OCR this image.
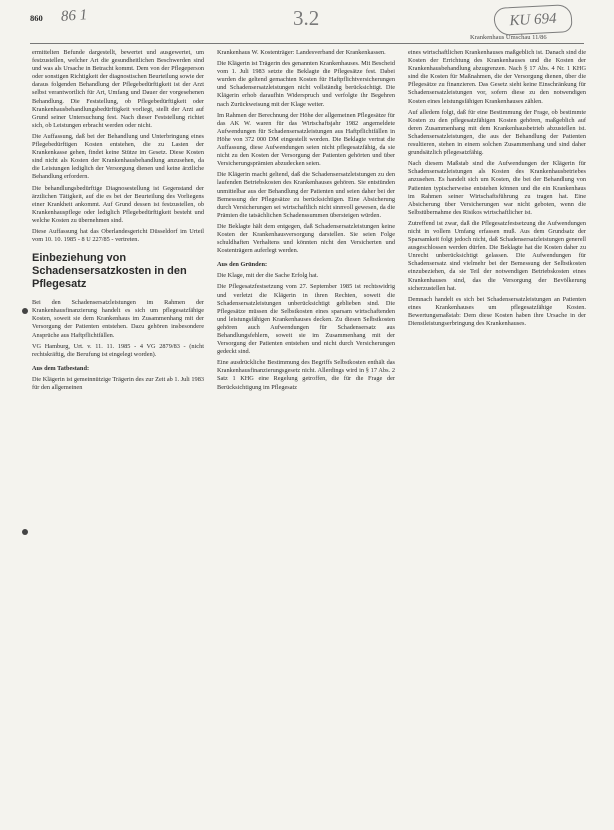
860 86 1	3.2	KU 694
Krankenhaus Umschau 11/86

ermittelten Befunde dargestellt, bewertet und ausgewertet, um festzustellen, welcher Art die gesundheitlichen Beschwerden sind und was als Ursache in Betracht kommt. Dem von der Pflegeperson oder sonstigen Richtigkeit der diagnostischen Beurteilung sowie der daraus folgenden Behandlung der Pflegebedürftigkeit ist der Arzt selbst verantwortlich für Art, Umfang und Dauer der vorgesehenen Behandlung. Die Feststellung, ob Pflegebedürftigkeit oder Krankenhausbehandlungsbedürftigkeit vorliegt, stellt der Arzt auf Grund seiner Untersuchung fest. Nach dieser Feststellung richtet sich, ob Leistungen erbracht werden oder nicht.

Die Auffassung, daß bei der Behandlung und Unterbringung eines Pflegebedürftigen Kosten entstehen, die zu Lasten der Krankenkasse gehen, findet keine Stütze im Gesetz. Diese Kosten sind nicht als Kosten der Krankenhausbehandlung anzusehen, da die Leistungen lediglich der Versorgung dienen und keine ärztliche Behandlung erfordern.

Die behandlungsbedürftige Diagnosestellung ist Gegenstand der ärztlichen Tätigkeit, auf die es bei der Beurteilung des Vorliegens einer Krankheit ankommt. Auf Grund dessen ist festzustellen, ob Krankenhauspflege oder lediglich Pflegebedürftigkeit besteht und welche Kosten zu übernehmen sind.

Diese Auffassung hat das Oberlandesgericht Düsseldorf im Urteil vom 10. 10. 1985 - 8 U 227/85 - vertreten.

Einbeziehung von Schadensersatzkosten in den Pflegesatz

Bei den Schadensersatzleistungen im Rahmen der Krankenhausfinanzierung handelt es sich um pflegesatzfähige Kosten, soweit sie dem Krankenhaus im Zusammenhang mit der Versorgung der Patienten entstehen. Dazu gehören insbesondere Ansprüche aus Haftpflichtfällen.

VG Hamburg, Urt. v. 11. 11. 1985 - 4 VG 2879/83 - (nicht rechtskräftig, die Berufung ist eingelegt worden).

Aus dem Tatbestand:

Die Klägerin ist gemeinnützige Trägerin des zur Zeit ab 1. Juli 1983 für den allgemeinen

Krankenhaus W. Kostenträger: Landesverband der Krankenkassen.

Die Klägerin ist Trägerin des genannten Krankenhauses. Mit Bescheid vom 1. Juli 1983 setzte die Beklagte die Pflegesätze fest. Dabei wurden die geltend gemachten Kosten für Haftpflichtversicherungen und Schadensersatzleistungen nicht vollständig berücksichtigt. Die Klägerin erhob daraufhin Widerspruch und verfolgte ihr Begehren nach Zurückweisung mit der Klage weiter.

Im Rahmen der Berechnung der Höhe der allgemeinen Pflegesätze für das AK W. waren für das Wirtschaftsjahr 1982 angemeldete Aufwendungen für Schadensersatzleistungen aus Haftpflichtfällen in Höhe von 372 000 DM eingestellt worden. Die Beklagte vertrat die Auffassung, diese Aufwendungen seien nicht pflegesatzfähig, da sie nicht zu den Kosten der Versorgung der Patienten gehörten und über Versicherungsprämien abzudecken seien.

Die Klägerin macht geltend, daß die Schadensersatzleistungen zu den laufenden Betriebskosten des Krankenhauses gehören. Sie entstünden unmittelbar aus der Behandlung der Patienten und seien daher bei der Bemessung der Pflegesätze zu berücksichtigen. Eine Absicherung durch Versicherungen sei wirtschaftlich nicht sinnvoll gewesen, da die Prämien die tatsächlichen Schadenssummen übersteigen würden.

Die Beklagte hält dem entgegen, daß Schadensersatzleistungen keine Kosten der Krankenhausversorgung darstellen. Sie seien Folge schuldhaften Verhaltens und könnten nicht den Versicherten und Kostenträgern auferlegt werden.

Aus den Gründen:

Die Klage, mit der die Sache Erfolg hat.

Die Pflegesatzfestsetzung vom 27. September 1985 ist rechtswidrig und verletzt die Klägerin in ihren Rechten, soweit die Schadensersatzleistungen unberücksichtigt geblieben sind. Die Pflegesätze müssen die Selbstkosten eines sparsam wirtschaftenden und leistungsfähigen Krankenhauses decken. Zu diesen Selbstkosten gehören auch Aufwendungen für Schadensersatz aus Behandlungsfehlern, soweit sie im Zusammenhang mit der Versorgung der Patienten entstehen und nicht durch Versicherungen gedeckt sind.

Eine ausdrückliche Bestimmung des Begriffs Selbstkosten enthält das Krankenhausfinanzierungsgesetz nicht. Allerdings wird in § 17 Abs. 2 Satz 1 KHG eine Regelung getroffen, die für die Frage der Berücksichtigung im Pflegesatz

eines wirtschaftlichen Krankenhauses maßgeblich ist. Danach sind die Kosten der Errichtung des Krankenhauses und die Kosten der Krankenhausbehandlung abzugrenzen. Nach § 17 Abs. 4 Nr. 1 KHG sind die Kosten für Maßnahmen, die der Versorgung dienen, über die Pflegesätze zu finanzieren. Das Gesetz sieht keine Einschränkung für Schadensersatzleistungen vor, sofern diese zu den notwendigen Kosten eines leistungsfähigen Krankenhauses zählen.

Auf alledem folgt, daß für eine Bestimmung der Frage, ob bestimmte Kosten zu den pflegesatzfähigen Kosten gehören, maßgeblich auf deren Zusammenhang mit dem Krankenhausbetrieb abzustellen ist. Schadensersatzleistungen, die aus der Behandlung der Patienten resultieren, stehen in einem solchen Zusammenhang und sind daher grundsätzlich pflegesatzfähig.

Nach diesem Maßstab sind die Aufwendungen der Klägerin für Schadensersatzleistungen als Kosten des Krankenhausbetriebes anzusehen. Es handelt sich um Kosten, die bei der Behandlung von Patienten typischerweise entstehen können und die ein Krankenhaus im Rahmen seiner Wirtschaftsführung zu tragen hat. Eine Absicherung über Versicherungen war nicht geboten, wenn die Selbstübernahme des Risikos wirtschaftlicher ist.

Zutreffend ist zwar, daß die Pflegesatzfestsetzung die Aufwendungen nicht in vollem Umfang erfassen muß. Aus dem Grundsatz der Sparsamkeit folgt jedoch nicht, daß Schadensersatzleistungen generell ausgeschlossen werden dürfen. Die Beklagte hat die Kosten daher zu Unrecht unberücksichtigt gelassen. Die Aufwendungen für Schadensersatz sind vielmehr bei der Bemessung der Selbstkosten einzubeziehen, da sie Teil der notwendigen Betriebskosten eines Krankenhauses sind, das die Versorgung der Bevölkerung sicherzustellen hat.

Demnach handelt es sich bei Schadensersatzleistungen an Patienten eines Krankenhauses um pflegesatzfähige Kosten. Bewertungsmaßstab: Dem diese Kosten haben ihre Ursache in der Dienstleistungserbringung des Krankenhauses.
